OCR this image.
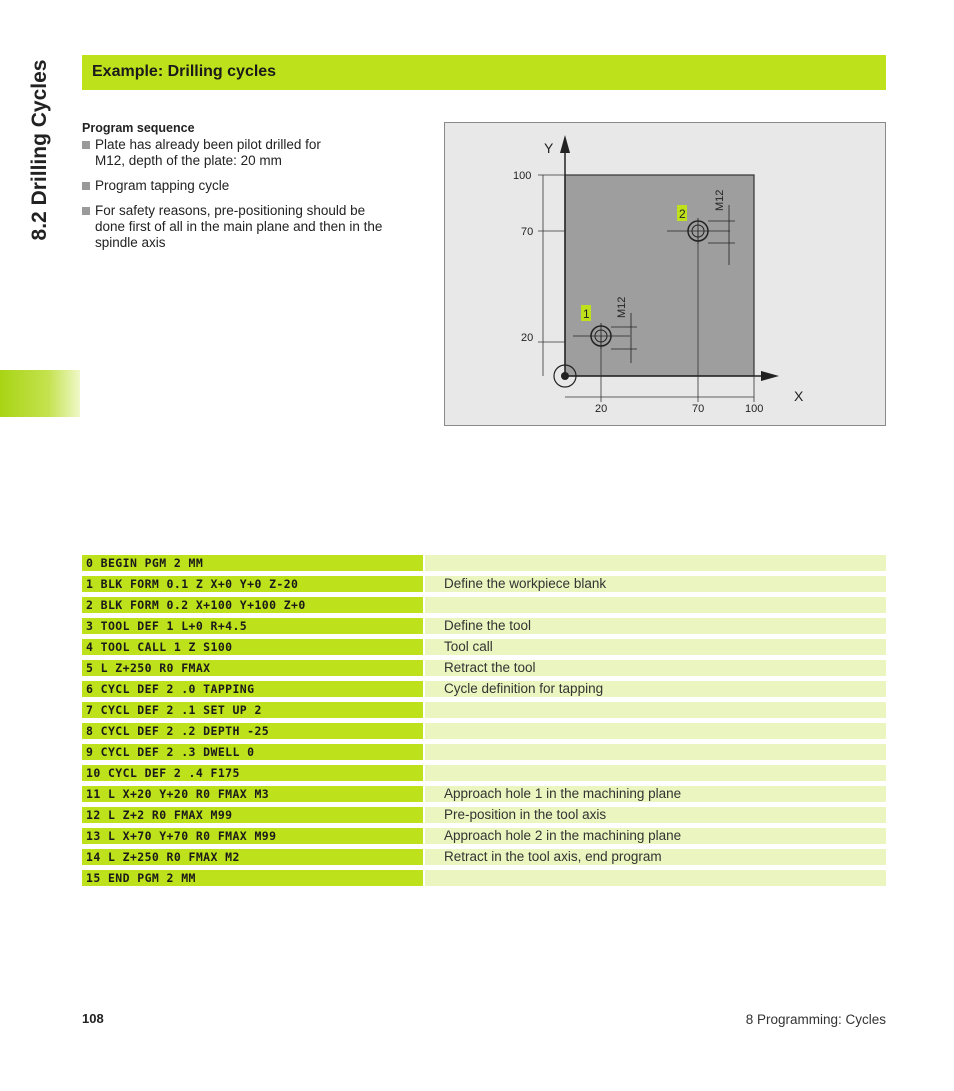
8.2 Drilling Cycles	Example: Drilling cycles
Program sequence
Plate has already been pilot drilled for
M12, depth of the plate: 20 mm
Program tapping cycle
For safety reasons, pre-positioning should be
done first of all in the main plane and then in the
spindle axis
Y
X
100
70
20
20	70	100
M12
1
M12
2
0 BEGIN PGM 2 MM
1 BLK FORM 0.1 Z X+0 Y+0 Z-20	Define the workpiece blank
2 BLK FORM 0.2 X+100 Y+100 Z+0
3 TOOL DEF 1 L+0 R+4.5	Define the tool
4 TOOL CALL 1 Z S100	Tool call
5 L Z+250 R0 FMAX	Retract the tool
6 CYCL DEF 2 .0 TAPPING	Cycle definition for tapping
7 CYCL DEF 2 .1 SET UP 2
8 CYCL DEF 2 .2 DEPTH -25
9 CYCL DEF 2 .3 DWELL 0
10 CYCL DEF 2 .4 F175
11 L X+20 Y+20 R0 FMAX M3	Approach hole 1 in the machining plane
12 L Z+2 R0 FMAX M99	Pre-position in the tool axis
13 L X+70 Y+70 R0 FMAX M99	Approach hole 2 in the machining plane
14 L Z+250 R0 FMAX M2	Retract in the tool axis, end program
15 END PGM 2 MM
108	8 Programming: Cycles
